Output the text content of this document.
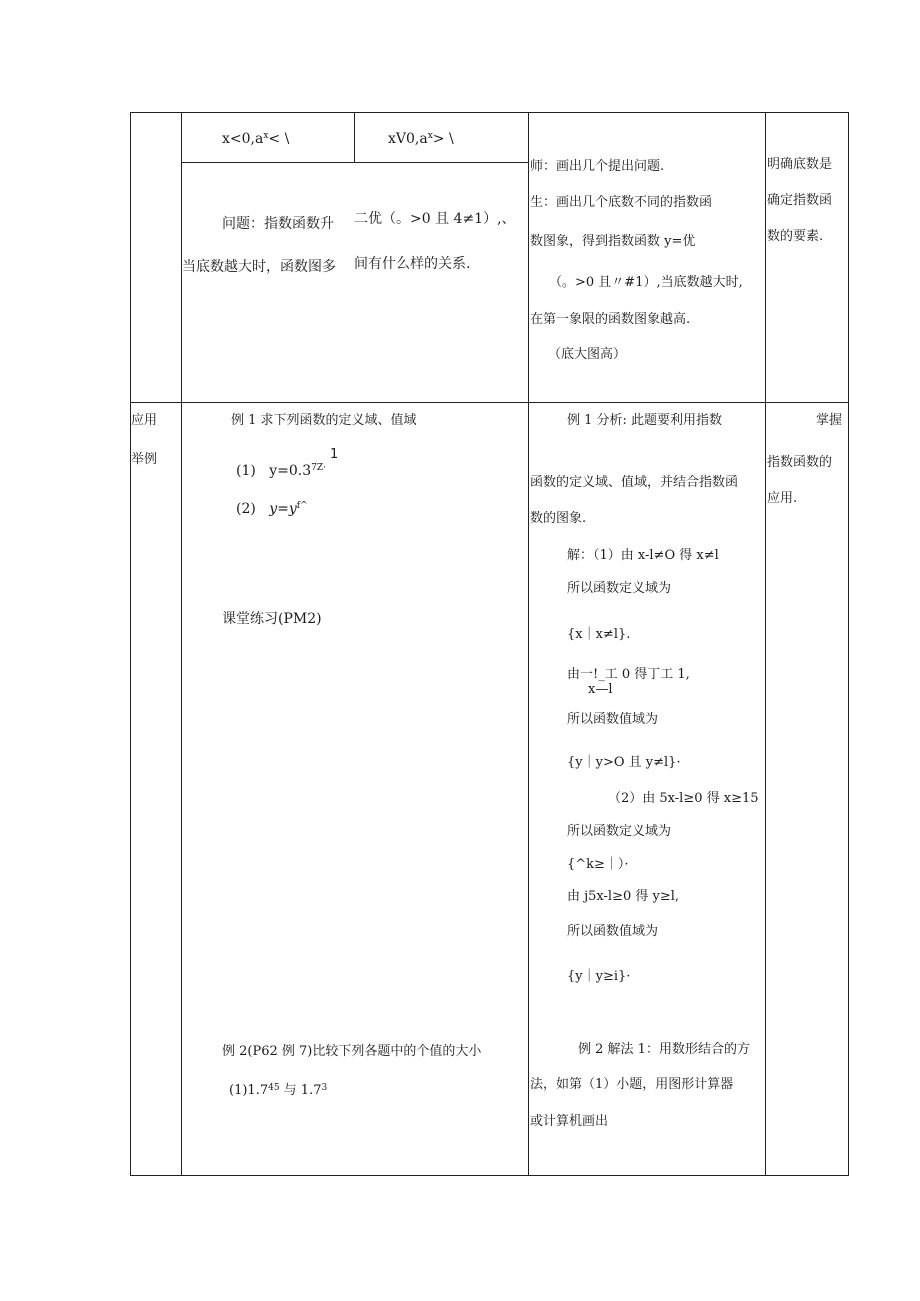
$x<0,a^x<$ \	$xV0,a^x>$ \
问题：指数函数升 二优（。>0 且 4≠1）,、
当底数越大时，函数图多 间有什么样的关系.
师：画出几个提出问题.
生：画出几个底数不同的指数函
数图象，得到指数函数 y=优
（。>0 且〃#1）,当底数越大时,
在第一象限的函数图象越高.
（底大图高）
明确底数是
确定指数函
数的要素.
应用
举例
例 1 求下列函数的定义域、值域
(1) $y=0.3^{7Z\cdot}$
1
(2) $y=y^{f\^{}}$
课堂练习(PM2)
例 2(P62 例 7)比较下列各题中的个值的大小
$(1)1.7^{45}$ 与 $1.7^3$
例 1 分析: 此题要利用指数
函数的定义域、值域，并结合指数函
数的图象.
解：（1）由 x-l≠O 得 x≠l
所以函数定义域为
{x｜x≠l}.
由一!_工 0 得丁工 1,
x—l
所以函数值域为
{y｜y>O 且 y≠l}·
（2）由 5x-l≥0 得 x≥15
所以函数定义域为
{^k≥｜）·
由 j5x-l≥0 得 y≥l,
所以函数值域为
{y｜y≥i}·
例 2 解法 1：用数形结合的方
法，如第（1）小题，用图形计算器
或计算机画出
掌握
指数函数的
应用.
